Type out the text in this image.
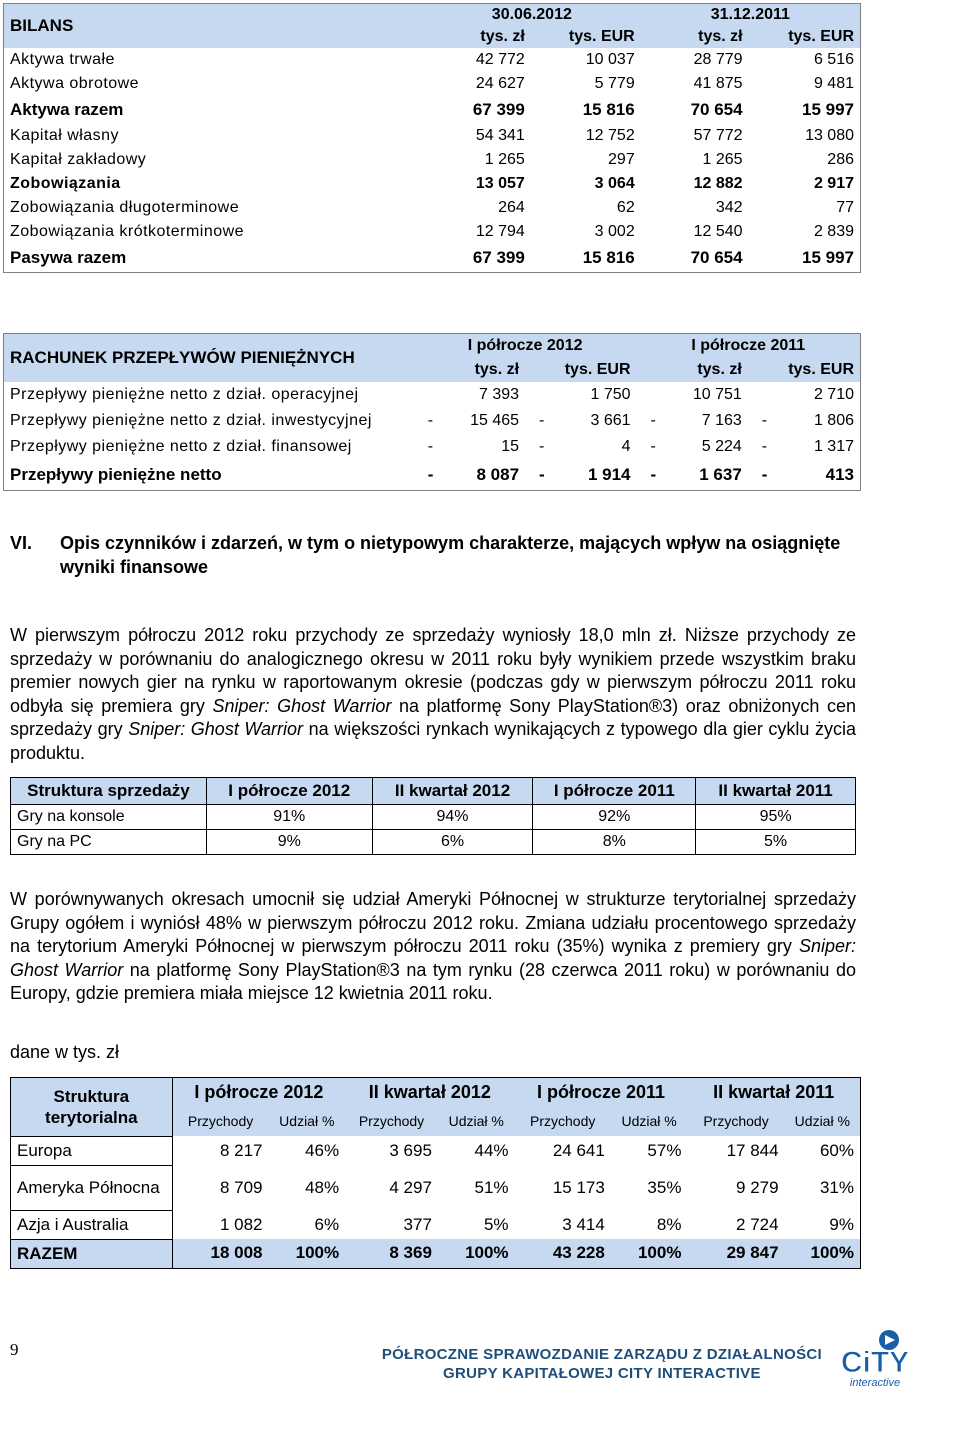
BILANS	30.06.2012		31.12.2011	
	tys. zł	tys. EUR	tys. zł	tys. EUR
Aktywa trwałe	42 772	10 037	28 779	6 516
Aktywa obrotowe	24 627	5 779	41 875	9 481
Aktywa razem	67 399	15 816	70 654	15 997
Kapitał własny	54 341	12 752	57 772	13 080
Kapitał zakładowy	1 265	297	1 265	286
Zobowiązania	13 057	3 064	12 882	2 917
Zobowiązania długoterminowe	264	62	342	77
Zobowiązania krótkoterminowe	12 794	3 002	12 540	2 839
Pasywa razem	67 399	15 816	70 654	15 997
RACHUNEK PRZEPŁYWÓW PIENIĘŻNYCH	I półrocze 2012				I półrocze 2011			
	tys. zł		tys. EUR		tys. zł		tys. EUR	
Przepływy pieniężne netto z dział. operacyjnej		7 393		1 750		10 751		2 710
Przepływy pieniężne netto z dział. inwestycyjnej	-	15 465	-	3 661	-	7 163	-	1 806
Przepływy pieniężne netto z dział. finansowej	-	15	-	4	-	5 224	-	1 317
Przepływy pieniężne netto	-	8 087	-	1 914	-	1 637	-	413
VI. Opis czynników i zdarzeń, w tym o nietypowym charakterze, mających wpływ na osiągnięte wyniki finansowe
W pierwszym półroczu 2012 roku przychody ze sprzedaży wyniosły 18,0 mln zł. Niższe przychody ze sprzedaży w porównaniu do analogicznego okresu w 2011 roku były wynikiem przede wszystkim braku premier nowych gier na rynku w raportowanym okresie (podczas gdy w pierwszym półroczu 2011 roku odbyła się premiera gry Sniper: Ghost Warrior na platformę Sony PlayStation®3) oraz obniżonych cen sprzedaży gry Sniper: Ghost Warrior na większości rynkach wynikających z typowego dla gier cyklu życia produktu.
Struktura sprzedaży	I półrocze 2012	II kwartał 2012	I półrocze 2011	II kwartał 2011
Gry na konsole	91%	94%	92%	95%
Gry na PC	9%	6%	8%	5%
W porównywanych okresach umocnił się udział Ameryki Północnej w strukturze terytorialnej sprzedaży Grupy ogółem i wyniósł 48% w pierwszym półroczu 2012 roku. Zmiana udziału procentowego sprzedaży na terytorium Ameryki Północnej w pierwszym półroczu 2011 roku (35%) wynika z premiery gry Sniper: Ghost Warrior na platformę Sony PlayStation®3 na tym rynku (28 czerwca 2011 roku) w porównaniu do Europy, gdzie premiera miała miejsce 12 kwietnia 2011 roku.
dane w tys. zł
Struktura terytorialna	I półrocze 2012		II kwartał 2012		I półrocze 2011		II kwartał 2011	
	Przychody	Udział %	Przychody	Udział %	Przychody	Udział %	Przychody	Udział %
Europa	8 217	46%	3 695	44%	24 641	57%	17 844	60%
Ameryka Północna	8 709	48%	4 297	51%	15 173	35%	9 279	31%
Azja i Australia	1 082	6%	377	5%	3 414	8%	2 724	9%
RAZEM	18 008	100%	8 369	100%	43 228	100%	29 847	100%
9	PÓŁROCZNE SPRAWOZDANIE ZARZĄDU Z DZIAŁALNOŚCI
GRUPY KAPITAŁOWEJ CITY INTERACTIVE	CiTY
interactive
